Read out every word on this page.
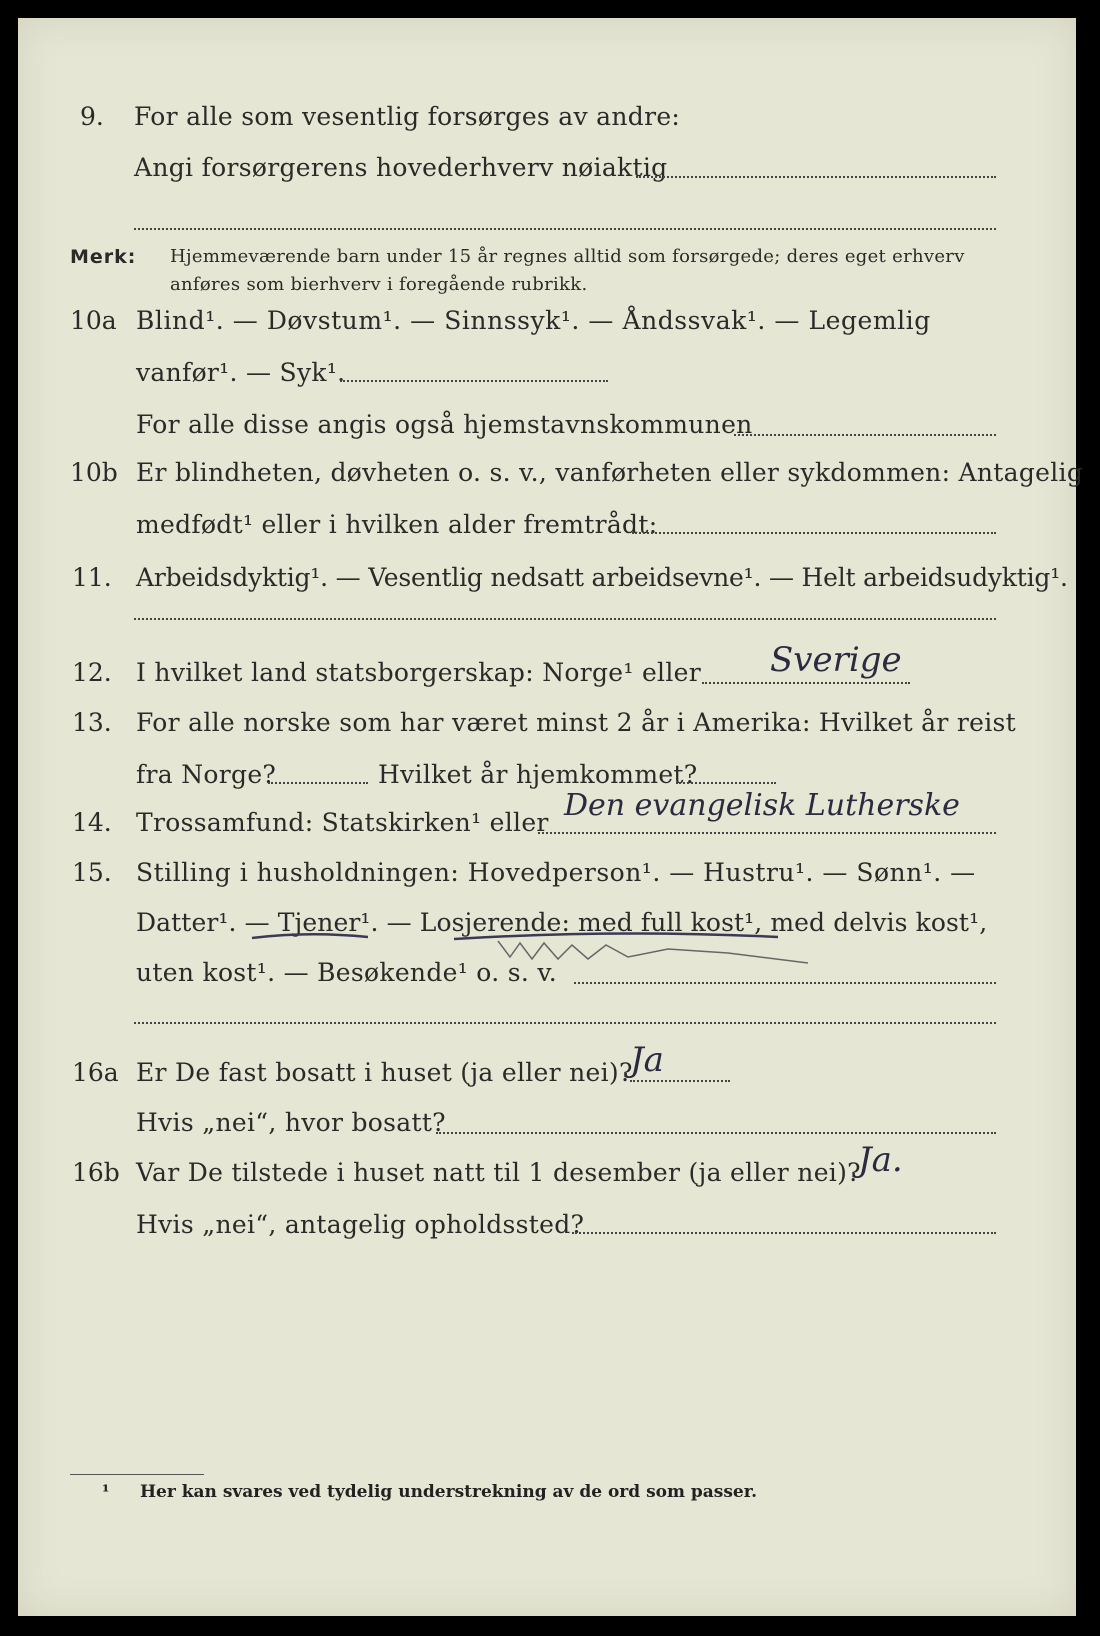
9. For alle som vesentlig forsørges av andre:
Angi forsørgerens hovederhverv nøiaktig
Merk: Hjemmeværende barn under 15 år regnes alltid som forsørgede; deres eget erhverv
anføres som bierhverv i foregående rubrikk.
10a Blind¹. — Døvstum¹. — Sinnssyk¹. — Åndssvak¹. — Legemlig
vanfør¹. — Syk¹.
For alle disse angis også hjemstavnskommunen
10b Er blindheten, døvheten o. s. v., vanførheten eller sykdommen: Antagelig
medfødt¹ eller i hvilken alder fremtrådt:
11. Arbeidsdyktig¹. — Vesentlig nedsatt arbeidsevne¹. — Helt arbeidsudyktig¹.
12. I hvilket land statsborgerskap: Norge¹ eller Sverige
13. For alle norske som har været minst 2 år i Amerika: Hvilket år reist
fra Norge?	Hvilket år hjemkommet?
14. Trossamfund: Statskirken¹ eller Den evangelisk Lutherske
15. Stilling i husholdningen: Hovedperson¹. — Hustru¹. — Sønn¹. —
Datter¹. — Tjener¹. — Losjerende: med full kost¹, med delvis kost¹,
uten kost¹. — Besøkende¹ o. s. v.
16a Er De fast bosatt i huset (ja eller nei)?
Ja
Hvis „nei“, hvor bosatt?
16b Var De tilstede i huset natt til 1 desember (ja eller nei)?
Ja.
Hvis „nei“, antagelig opholdssted?
¹ Her kan svares ved tydelig understrekning av de ord som passer.
